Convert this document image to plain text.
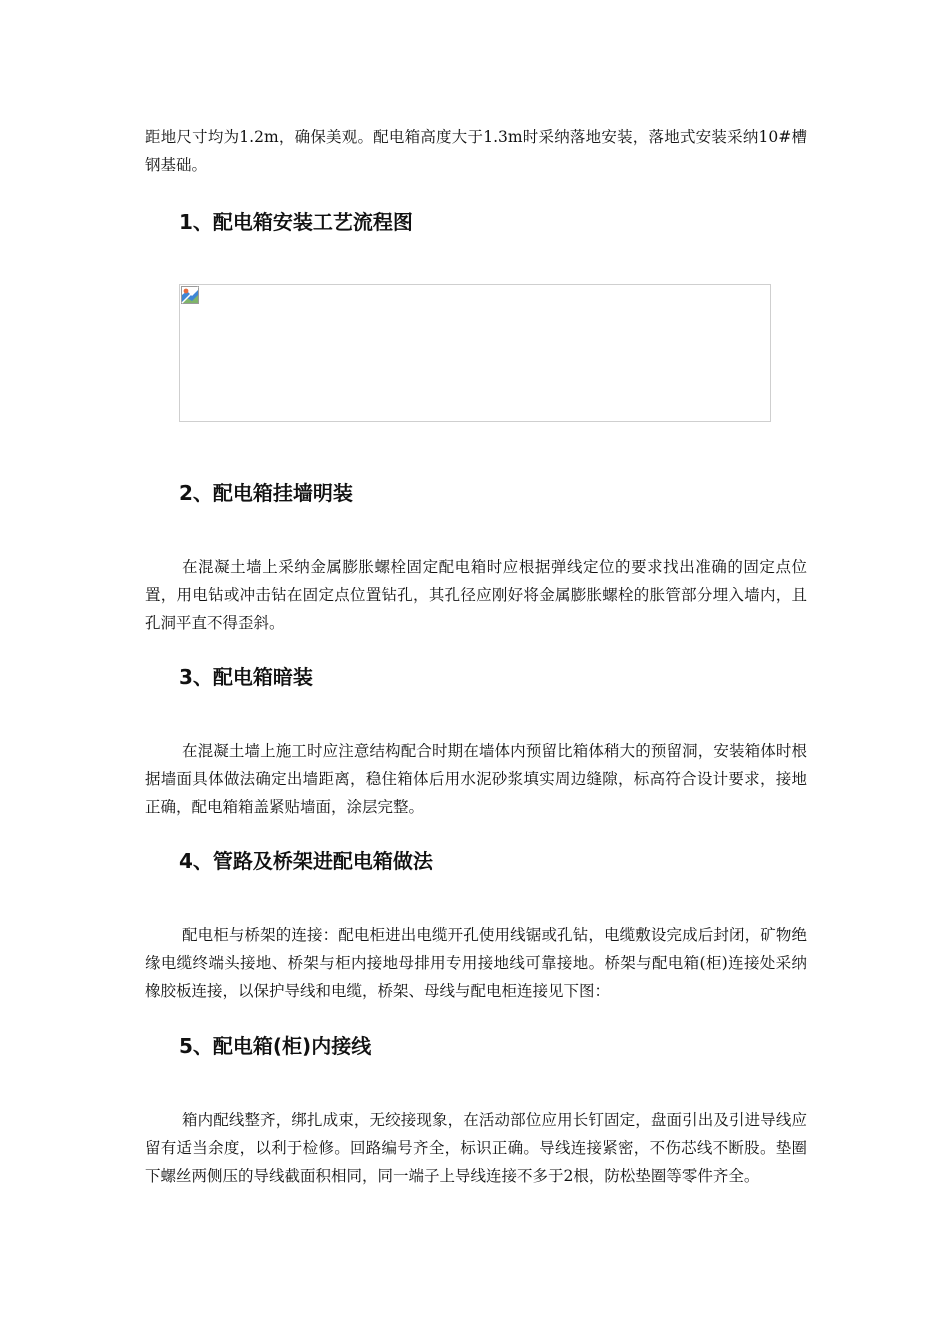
距地尺寸均为1.2m，确保美观。配电箱高度大于1.3m时采纳落地安装，落地式安装采纳10#槽钢基础。

1、配电箱安装工艺流程图
2、配电箱挂墙明装

在混凝土墙上采纳金属膨胀螺栓固定配电箱时应根据弹线定位的要求找出准确的固定点位置，用电钻或冲击钻在固定点位置钻孔，其孔径应刚好将金属膨胀螺栓的胀管部分埋入墙内，且孔洞平直不得歪斜。

3、配电箱暗装

在混凝土墙上施工时应注意结构配合时期在墙体内预留比箱体稍大的预留洞，安装箱体时根据墙面具体做法确定出墙距离，稳住箱体后用水泥砂浆填实周边缝隙，标高符合设计要求，接地正确，配电箱箱盖紧贴墙面，涂层完整。

4、管路及桥架进配电箱做法

配电柜与桥架的连接：配电柜进出电缆开孔使用线锯或孔钻，电缆敷设完成后封闭，矿物绝缘电缆终端头接地、桥架与柜内接地母排用专用接地线可靠接地。桥架与配电箱(柜)连接处采纳橡胶板连接，以保护导线和电缆，桥架、母线与配电柜连接见下图：

5、配电箱(柜)内接线

箱内配线整齐，绑扎成束，无绞接现象，在活动部位应用长钉固定，盘面引出及引进导线应留有适当余度，以利于检修。回路编号齐全，标识正确。导线连接紧密，不伤芯线不断股。垫圈下螺丝两侧压的导线截面积相同，同一端子上导线连接不多于2根，防松垫圈等零件齐全。
